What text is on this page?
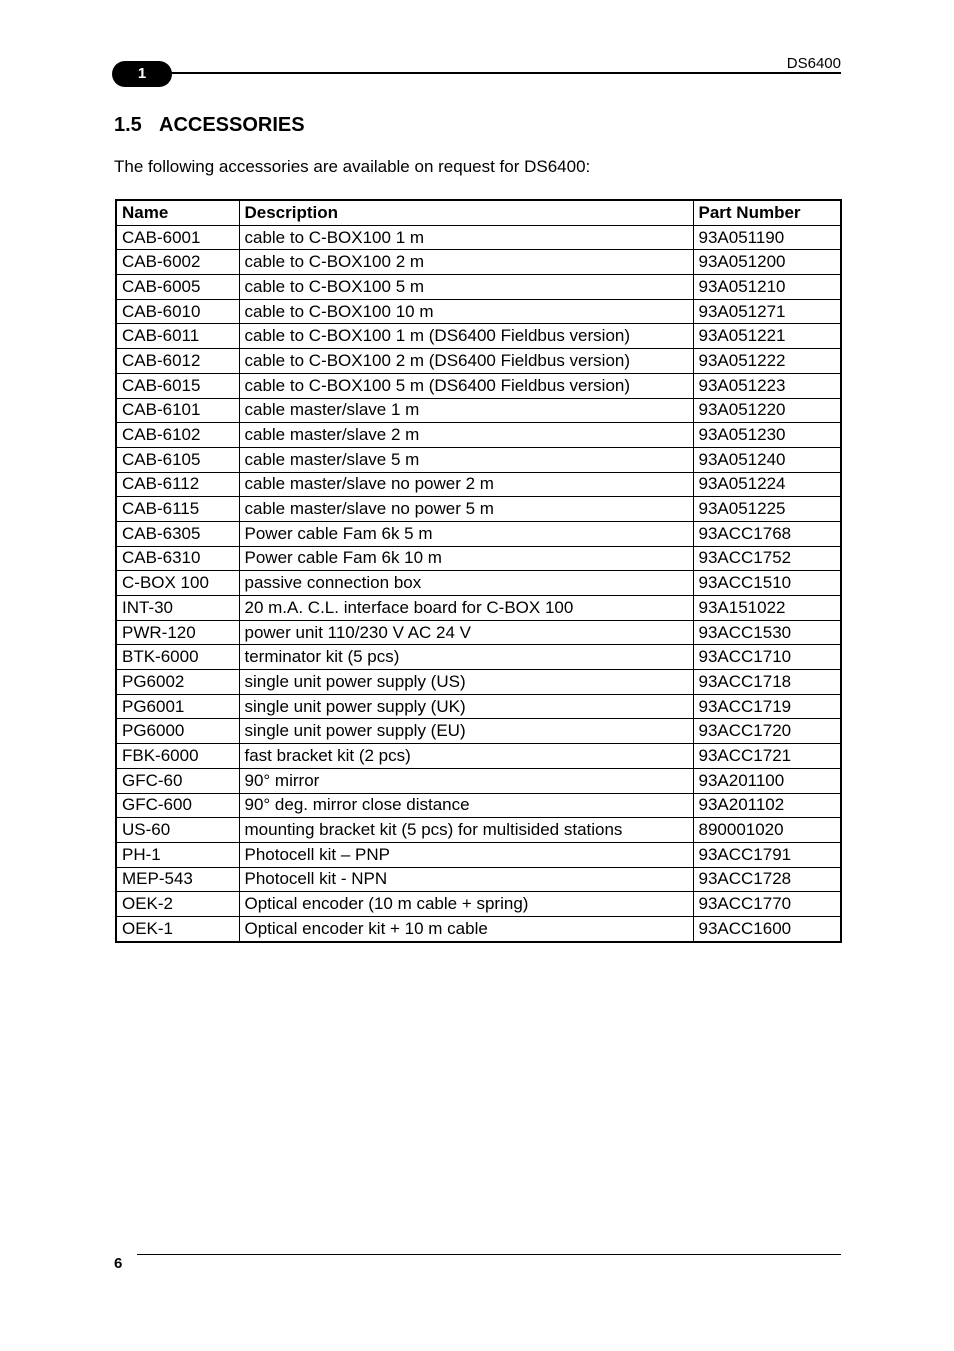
1
DS6400
1.5 ACCESSORIES

The following accessories are available on request for DS6400:

Name	Description	Part Number
CAB-6001	cable to C-BOX100 1 m	93A051190
CAB-6002	cable to C-BOX100 2 m	93A051200
CAB-6005	cable to C-BOX100 5 m	93A051210
CAB-6010	cable to C-BOX100 10 m	93A051271
CAB-6011	cable to C-BOX100 1 m (DS6400 Fieldbus version)	93A051221
CAB-6012	cable to C-BOX100 2 m (DS6400 Fieldbus version)	93A051222
CAB-6015	cable to C-BOX100 5 m (DS6400 Fieldbus version)	93A051223
CAB-6101	cable master/slave 1 m	93A051220
CAB-6102	cable master/slave 2 m	93A051230
CAB-6105	cable master/slave 5 m	93A051240
CAB-6112	cable master/slave no power 2 m	93A051224
CAB-6115	cable master/slave no power 5 m	93A051225
CAB-6305	Power cable Fam 6k 5 m	93ACC1768
CAB-6310	Power cable Fam 6k 10 m	93ACC1752
C-BOX 100	passive connection box	93ACC1510
INT-30	20 m.A. C.L. interface board for C-BOX 100	93A151022
PWR-120	power unit 110/230 V AC 24 V	93ACC1530
BTK-6000	terminator kit (5 pcs)	93ACC1710
PG6002	single unit power supply (US)	93ACC1718
PG6001	single unit power supply (UK)	93ACC1719
PG6000	single unit power supply (EU)	93ACC1720
FBK-6000	fast bracket kit (2 pcs)	93ACC1721
GFC-60	90° mirror	93A201100
GFC-600	90° deg. mirror close distance	93A201102
US-60	mounting bracket kit (5 pcs) for multisided stations	890001020
PH-1	Photocell kit – PNP	93ACC1791
MEP-543	Photocell kit - NPN	93ACC1728
OEK-2	Optical encoder (10 m cable + spring)	93ACC1770
OEK-1	Optical encoder kit + 10 m cable	93ACC1600
6
